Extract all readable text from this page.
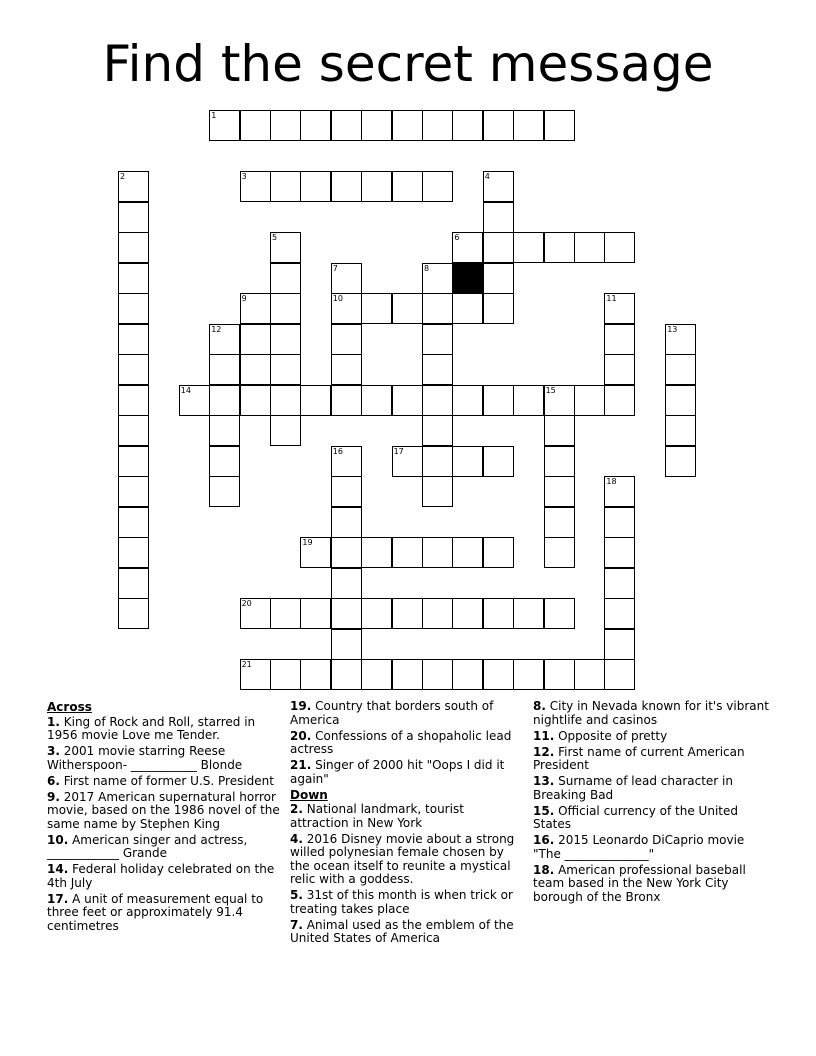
Find the secret message
1
2	3	4
5	6
7	8
9	10	11
12	13
14	15
16	17
18
19
20
21
Across
1. King of Rock and Roll, starred in 1956 movie Love me Tender.
3. 2001 movie starring Reese Witherspoon- ___________ Blonde
6. First name of former U.S. President
9. 2017 American supernatural horror movie, based on the 1986 novel of the same name by Stephen King
10. American singer and actress, ____________ Grande
14. Federal holiday celebrated on the 4th July
17. A unit of measurement equal to three feet or approximately 91.4 centimetres
19. Country that borders south of America
20. Confessions of a shopaholic lead actress
21. Singer of 2000 hit "Oops I did it again"
Down
2. National landmark, tourist attraction in New York
4. 2016 Disney movie about a strong willed polynesian female chosen by the ocean itself to reunite a mystical relic with a goddess.
5. 31st of this month is when trick or treating takes place
7. Animal used as the emblem of the United States of America
8. City in Nevada known for it's vibrant nightlife and casinos
11. Opposite of pretty
12. First name of current American President
13. Surname of lead character in Breaking Bad
15. Official currency of the United States
16. 2015 Leonardo DiCaprio movie "The ______________"
18. American professional baseball team based in the New York City borough of the Bronx
